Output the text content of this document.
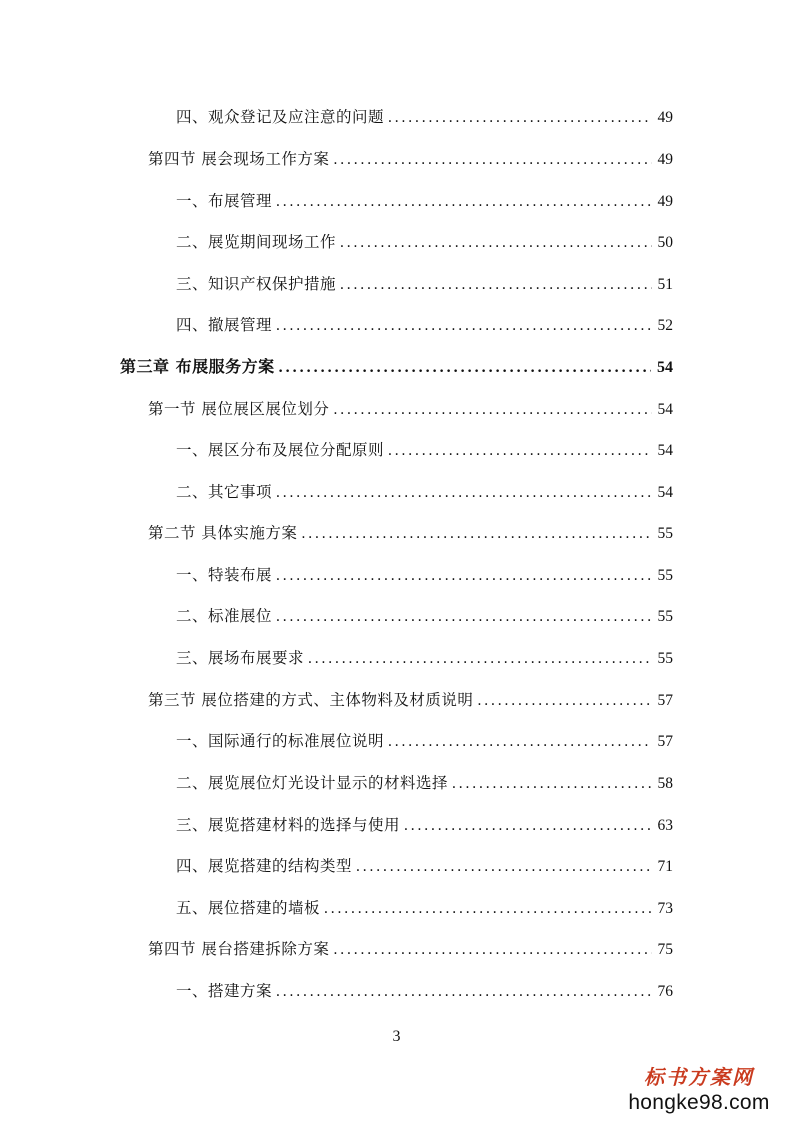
四、观众登记及应注意的问题 . . .	49
第四节 展会现场工作方案 . . .	49
一、布展管理 . . .	49
二、展览期间现场工作 . . .	50
三、知识产权保护措施 . . .	51
四、撤展管理 . . .	52
第三章 布展服务方案 . . .	54
第一节 展位展区展位划分 . . .	54
一、展区分布及展位分配原则 . . .	54
二、其它事项 . . .	54
第二节 具体实施方案 . . .	55
一、特装布展 . . .	55
二、标准展位 . . .	55
三、展场布展要求 . . .	55
第三节 展位搭建的方式、主体物料及材质说明 . . .	57
一、国际通行的标准展位说明 . . .	57
二、展览展位灯光设计显示的材料选择 . . .	58
三、展览搭建材料的选择与使用 . . .	63
四、展览搭建的结构类型 . . .	71
五、展位搭建的墙板 . . .	73
第四节 展台搭建拆除方案 . . .	75
一、搭建方案 . . .	76
3
标书方案网
hongke98.com
